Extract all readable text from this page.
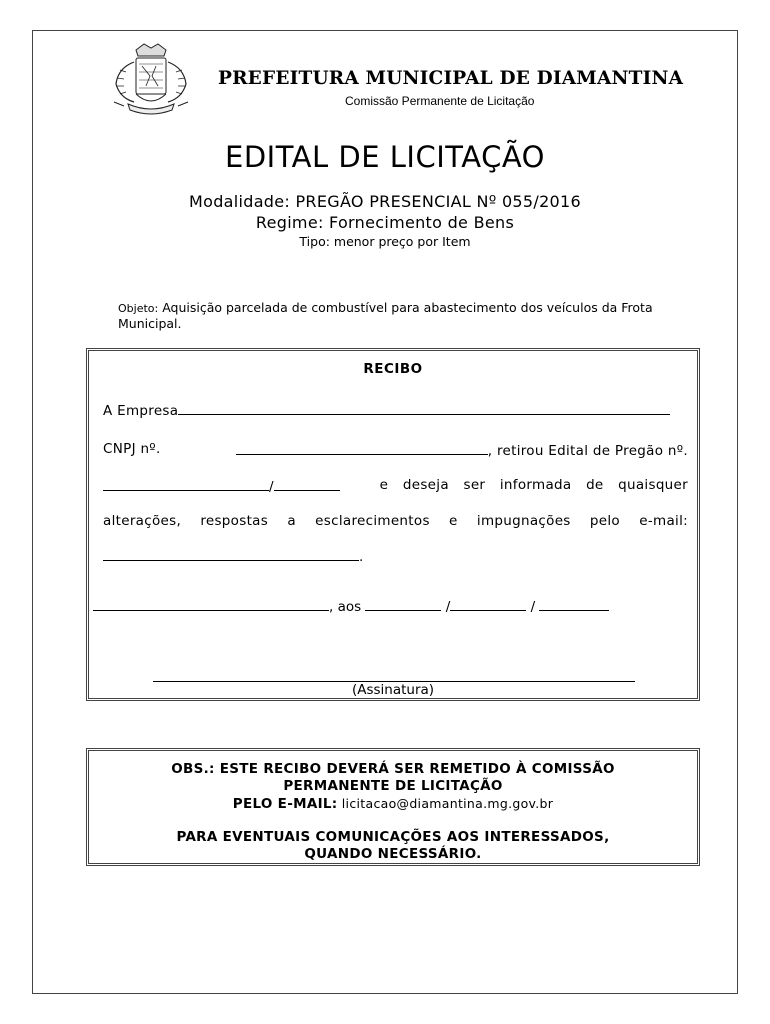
PREFEITURA MUNICIPAL DE DIAMANTINA
Comissão Permanente de Licitação
EDITAL DE LICITAÇÃO
Modalidade: PREGÃO PRESENCIAL Nº 055/2016
Regime: Fornecimento de Bens
Tipo: menor preço por Item
Objeto: Aquisição parcelada de combustível para abastecimento dos veículos da Frota Municipal.
RECIBO
A Empresa
CNPJ nº.	, retirou Edital de Pregão nº.
/	e deseja ser informada de quaisquer
alterações, respostas a esclarecimentos e impugnações pelo e-mail:
.
, aos	/	/
(Assinatura)
OBS.: ESTE RECIBO DEVERÁ SER REMETIDO À COMISSÃO
PERMANENTE DE LICITAÇÃO
PELO E-MAIL: licitacao@diamantina.mg.gov.br
PARA EVENTUAIS COMUNICAÇÕES AOS INTERESSADOS,
QUANDO NECESSÁRIO.
